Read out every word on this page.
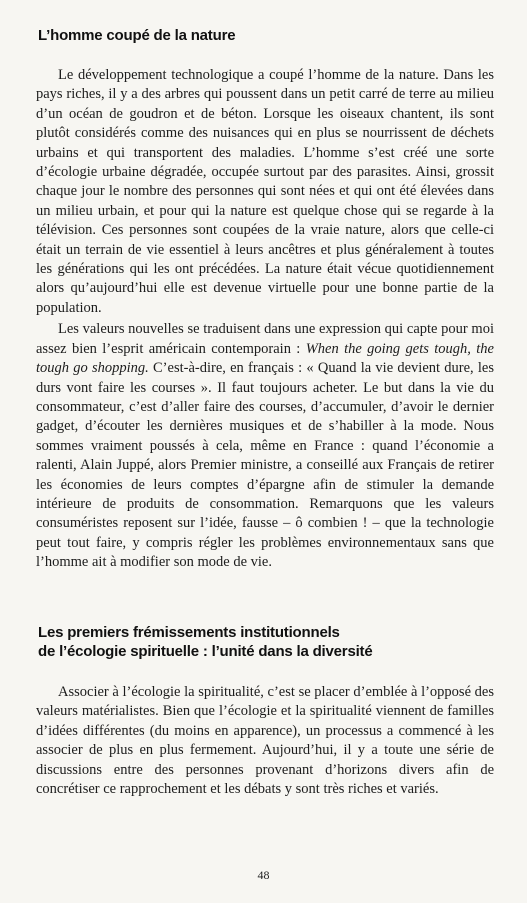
L’homme coupé de la nature

Le développement technologique a coupé l’homme de la nature. Dans les pays riches, il y a des arbres qui poussent dans un petit carré de terre au milieu d’un océan de goudron et de béton. Lorsque les oiseaux chantent, ils sont plutôt considérés comme des nuisances qui en plus se nourrissent de déchets urbains et qui transportent des maladies. L’homme s’est créé une sorte d’écologie urbaine dégradée, occupée surtout par des parasites. Ainsi, grossit chaque jour le nombre des personnes qui sont nées et qui ont été élevées dans un milieu urbain, et pour qui la nature est quelque chose qui se regarde à la télévision. Ces personnes sont coupées de la vraie nature, alors que celle-ci était un terrain de vie essentiel à leurs ancêtres et plus généralement à toutes les générations qui les ont précédées. La nature était vécue quotidiennement alors qu’aujourd’hui elle est devenue virtuelle pour une bonne partie de la population.

Les valeurs nouvelles se traduisent dans une expression qui capte pour moi assez bien l’esprit américain contemporain : When the going gets tough, the tough go shopping. C’est-à-dire, en français : « Quand la vie devient dure, les durs vont faire les courses ». Il faut toujours acheter. Le but dans la vie du consommateur, c’est d’aller faire des courses, d’accumuler, d’avoir le dernier gadget, d’écouter les dernières musiques et de s’habiller à la mode. Nous sommes vraiment poussés à cela, même en France : quand l’économie a ralenti, Alain Juppé, alors Premier ministre, a conseillé aux Français de retirer les économies de leurs comptes d’épargne afin de stimuler la demande intérieure de produits de consommation. Remarquons que les valeurs consuméristes reposent sur l’idée, fausse – ô combien ! – que la technologie peut tout faire, y compris régler les problèmes environnementaux sans que l’homme ait à modifier son mode de vie.

Les premiers frémissements institutionnels
de l’écologie spirituelle : l’unité dans la diversité

Associer à l’écologie la spiritualité, c’est se placer d’emblée à l’opposé des valeurs matérialistes. Bien que l’écologie et la spiritualité viennent de familles d’idées différentes (du moins en apparence), un processus a commencé à les associer de plus en plus fermement. Aujourd’hui, il y a toute une série de discussions entre des personnes provenant d’horizons divers afin de concrétiser ce rapprochement et les débats y sont très riches et variés.

48
